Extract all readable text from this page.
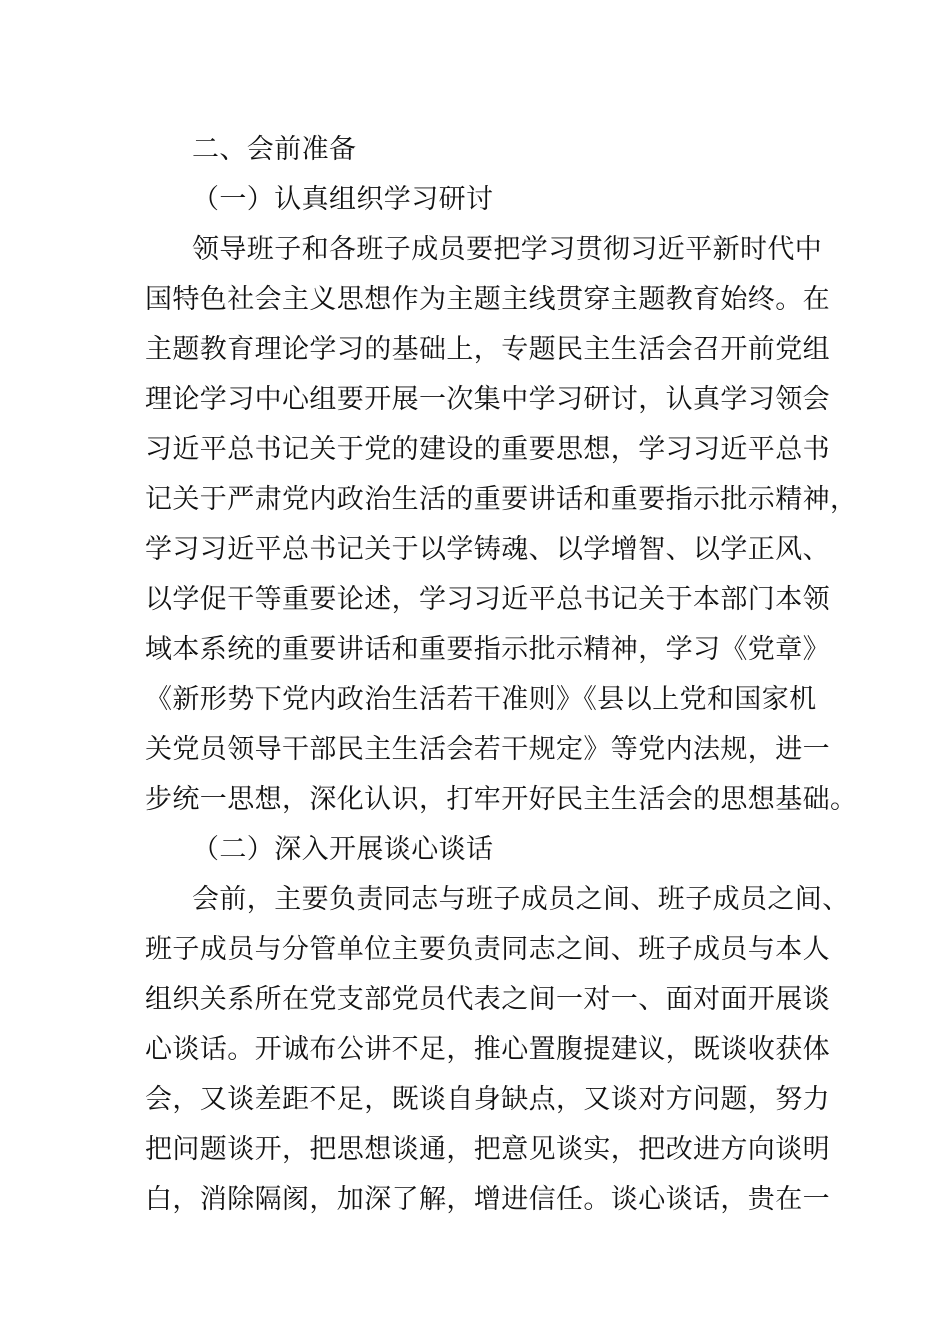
二、会前准备
（一）认真组织学习研讨
领导班子和各班子成员要把学习贯彻习近平新时代中
国特色社会主义思想作为主题主线贯穿主题教育始终。在
主题教育理论学习的基础上，专题民主生活会召开前党组
理论学习中心组要开展一次集中学习研讨，认真学习领会
习近平总书记关于党的建设的重要思想，学习习近平总书
记关于严肃党内政治生活的重要讲话和重要指示批示精神，
学习习近平总书记关于以学铸魂、以学增智、以学正风、
以学促干等重要论述，学习习近平总书记关于本部门本领
域本系统的重要讲话和重要指示批示精神，学习《党章》
《新形势下党内政治生活若干准则》《县以上党和国家机
关党员领导干部民主生活会若干规定》等党内法规，进一
步统一思想，深化认识，打牢开好民主生活会的思想基础。
（二）深入开展谈心谈话
会前，主要负责同志与班子成员之间、班子成员之间、
班子成员与分管单位主要负责同志之间、班子成员与本人
组织关系所在党支部党员代表之间一对一、面对面开展谈
心谈话。开诚布公讲不足，推心置腹提建议，既谈收获体
会，又谈差距不足，既谈自身缺点，又谈对方问题，努力
把问题谈开，把思想谈通，把意见谈实，把改进方向谈明
白，消除隔阂，加深了解，增进信任。谈心谈话，贵在一
